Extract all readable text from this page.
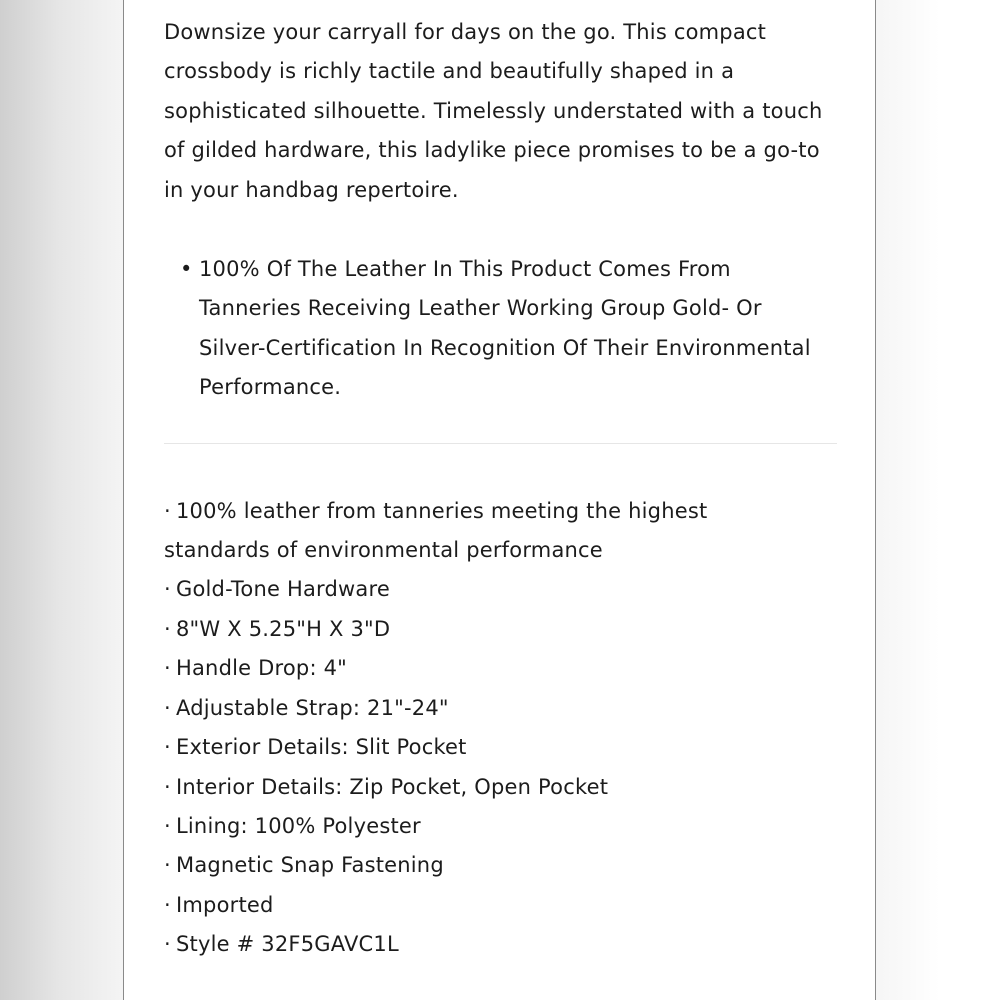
Downsize your carryall for days on the go. This compact crossbody is richly tactile and beautifully shaped in a sophisticated silhouette. Timelessly understated with a touch of gilded hardware, this ladylike piece promises to be a go-to in your handbag repertoire.

• 100% Of The Leather In This Product Comes From Tanneries Receiving Leather Working Group Gold- Or Silver-Certification In Recognition Of Their Environmental Performance.
· 100% leather from tanneries meeting the highest standards of environmental performance
· Gold-Tone Hardware
· 8"W X 5.25"H X 3"D
· Handle Drop: 4"
· Adjustable Strap: 21"-24"
· Exterior Details: Slit Pocket
· Interior Details: Zip Pocket, Open Pocket
· Lining: 100% Polyester
· Magnetic Snap Fastening
· Imported
· Style # 32F5GAVC1L
